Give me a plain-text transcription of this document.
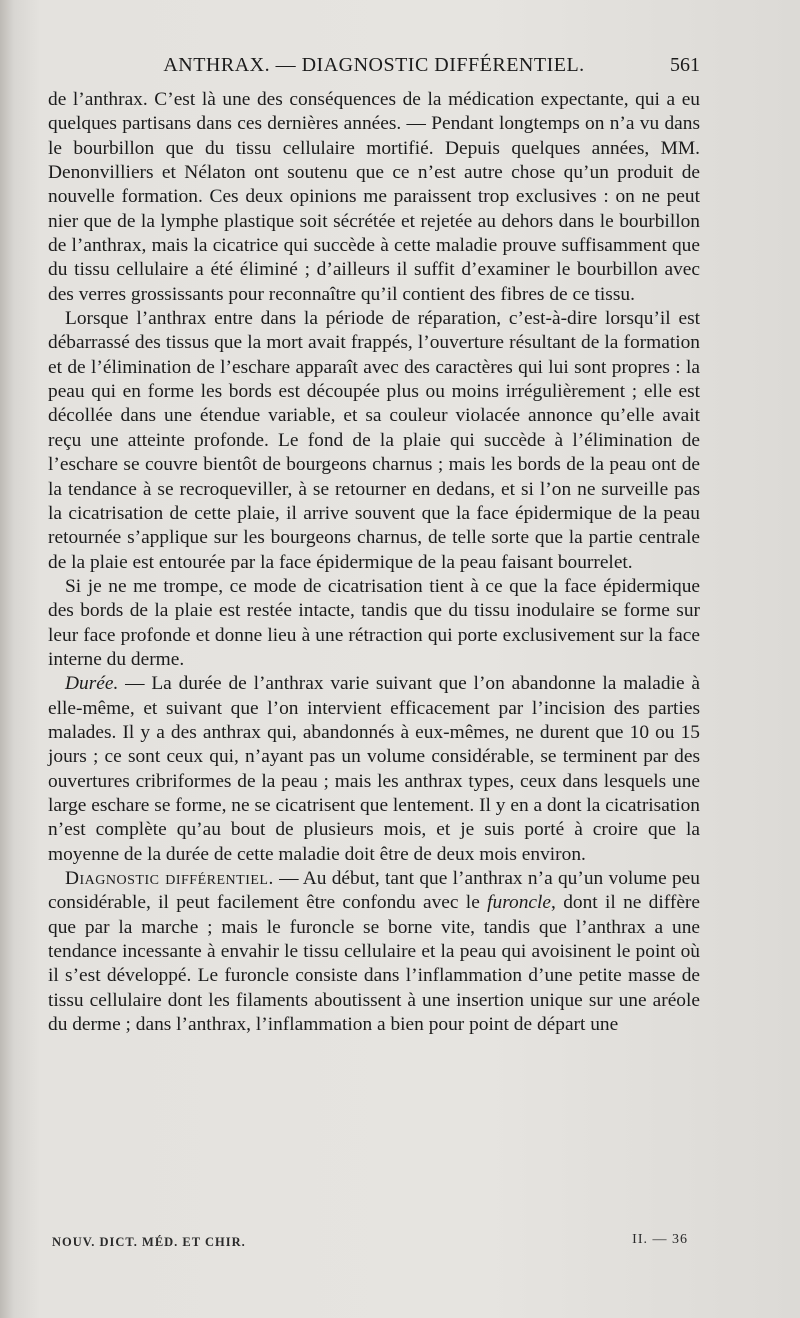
ANTHRAX. — DIAGNOSTIC DIFFÉRENTIEL.	561

de l’anthrax. C’est là une des conséquences de la médication expectante, qui a eu quelques partisans dans ces dernières années. — Pendant longtemps on n’a vu dans le bourbillon que du tissu cellulaire mortifié. Depuis quelques années, MM. Denonvilliers et Nélaton ont soutenu que ce n’est autre chose qu’un produit de nouvelle formation. Ces deux opinions me paraissent trop exclusives : on ne peut nier que de la lymphe plastique soit sécrétée et rejetée au dehors dans le bourbillon de l’anthrax, mais la cicatrice qui succède à cette maladie prouve suffisamment que du tissu cellulaire a été éliminé ; d’ailleurs il suffit d’examiner le bourbillon avec des verres grossissants pour reconnaître qu’il contient des fibres de ce tissu.

Lorsque l’anthrax entre dans la période de réparation, c’est-à-dire lorsqu’il est débarrassé des tissus que la mort avait frappés, l’ouverture résultant de la formation et de l’élimination de l’eschare apparaît avec des caractères qui lui sont propres : la peau qui en forme les bords est découpée plus ou moins irrégulièrement ; elle est décollée dans une étendue variable, et sa couleur violacée annonce qu’elle avait reçu une atteinte profonde. Le fond de la plaie qui succède à l’élimination de l’eschare se couvre bientôt de bourgeons charnus ; mais les bords de la peau ont de la tendance à se recroqueviller, à se retourner en dedans, et si l’on ne surveille pas la cicatrisation de cette plaie, il arrive souvent que la face épidermique de la peau retournée s’applique sur les bourgeons charnus, de telle sorte que la partie centrale de la plaie est entourée par la face épidermique de la peau faisant bourrelet.

Si je ne me trompe, ce mode de cicatrisation tient à ce que la face épidermique des bords de la plaie est restée intacte, tandis que du tissu inodulaire se forme sur leur face profonde et donne lieu à une rétraction qui porte exclusivement sur la face interne du derme.

Durée. — La durée de l’anthrax varie suivant que l’on abandonne la maladie à elle-même, et suivant que l’on intervient efficacement par l’incision des parties malades. Il y a des anthrax qui, abandonnés à eux-mêmes, ne durent que 10 ou 15 jours ; ce sont ceux qui, n’ayant pas un volume considérable, se terminent par des ouvertures cribriformes de la peau ; mais les anthrax types, ceux dans lesquels une large eschare se forme, ne se cicatrisent que lentement. Il y en a dont la cicatrisation n’est complète qu’au bout de plusieurs mois, et je suis porté à croire que la moyenne de la durée de cette maladie doit être de deux mois environ.

Diagnostic différentiel. — Au début, tant que l’anthrax n’a qu’un volume peu considérable, il peut facilement être confondu avec le furoncle, dont il ne diffère que par la marche ; mais le furoncle se borne vite, tandis que l’anthrax a une tendance incessante à envahir le tissu cellulaire et la peau qui avoisinent le point où il s’est développé. Le furoncle consiste dans l’inflammation d’une petite masse de tissu cellulaire dont les filaments aboutissent à une insertion unique sur une aréole du derme ; dans l’anthrax, l’inflammation a bien pour point de départ une

NOUV. DICT. MÉD. ET CHIR.	II. — 36
